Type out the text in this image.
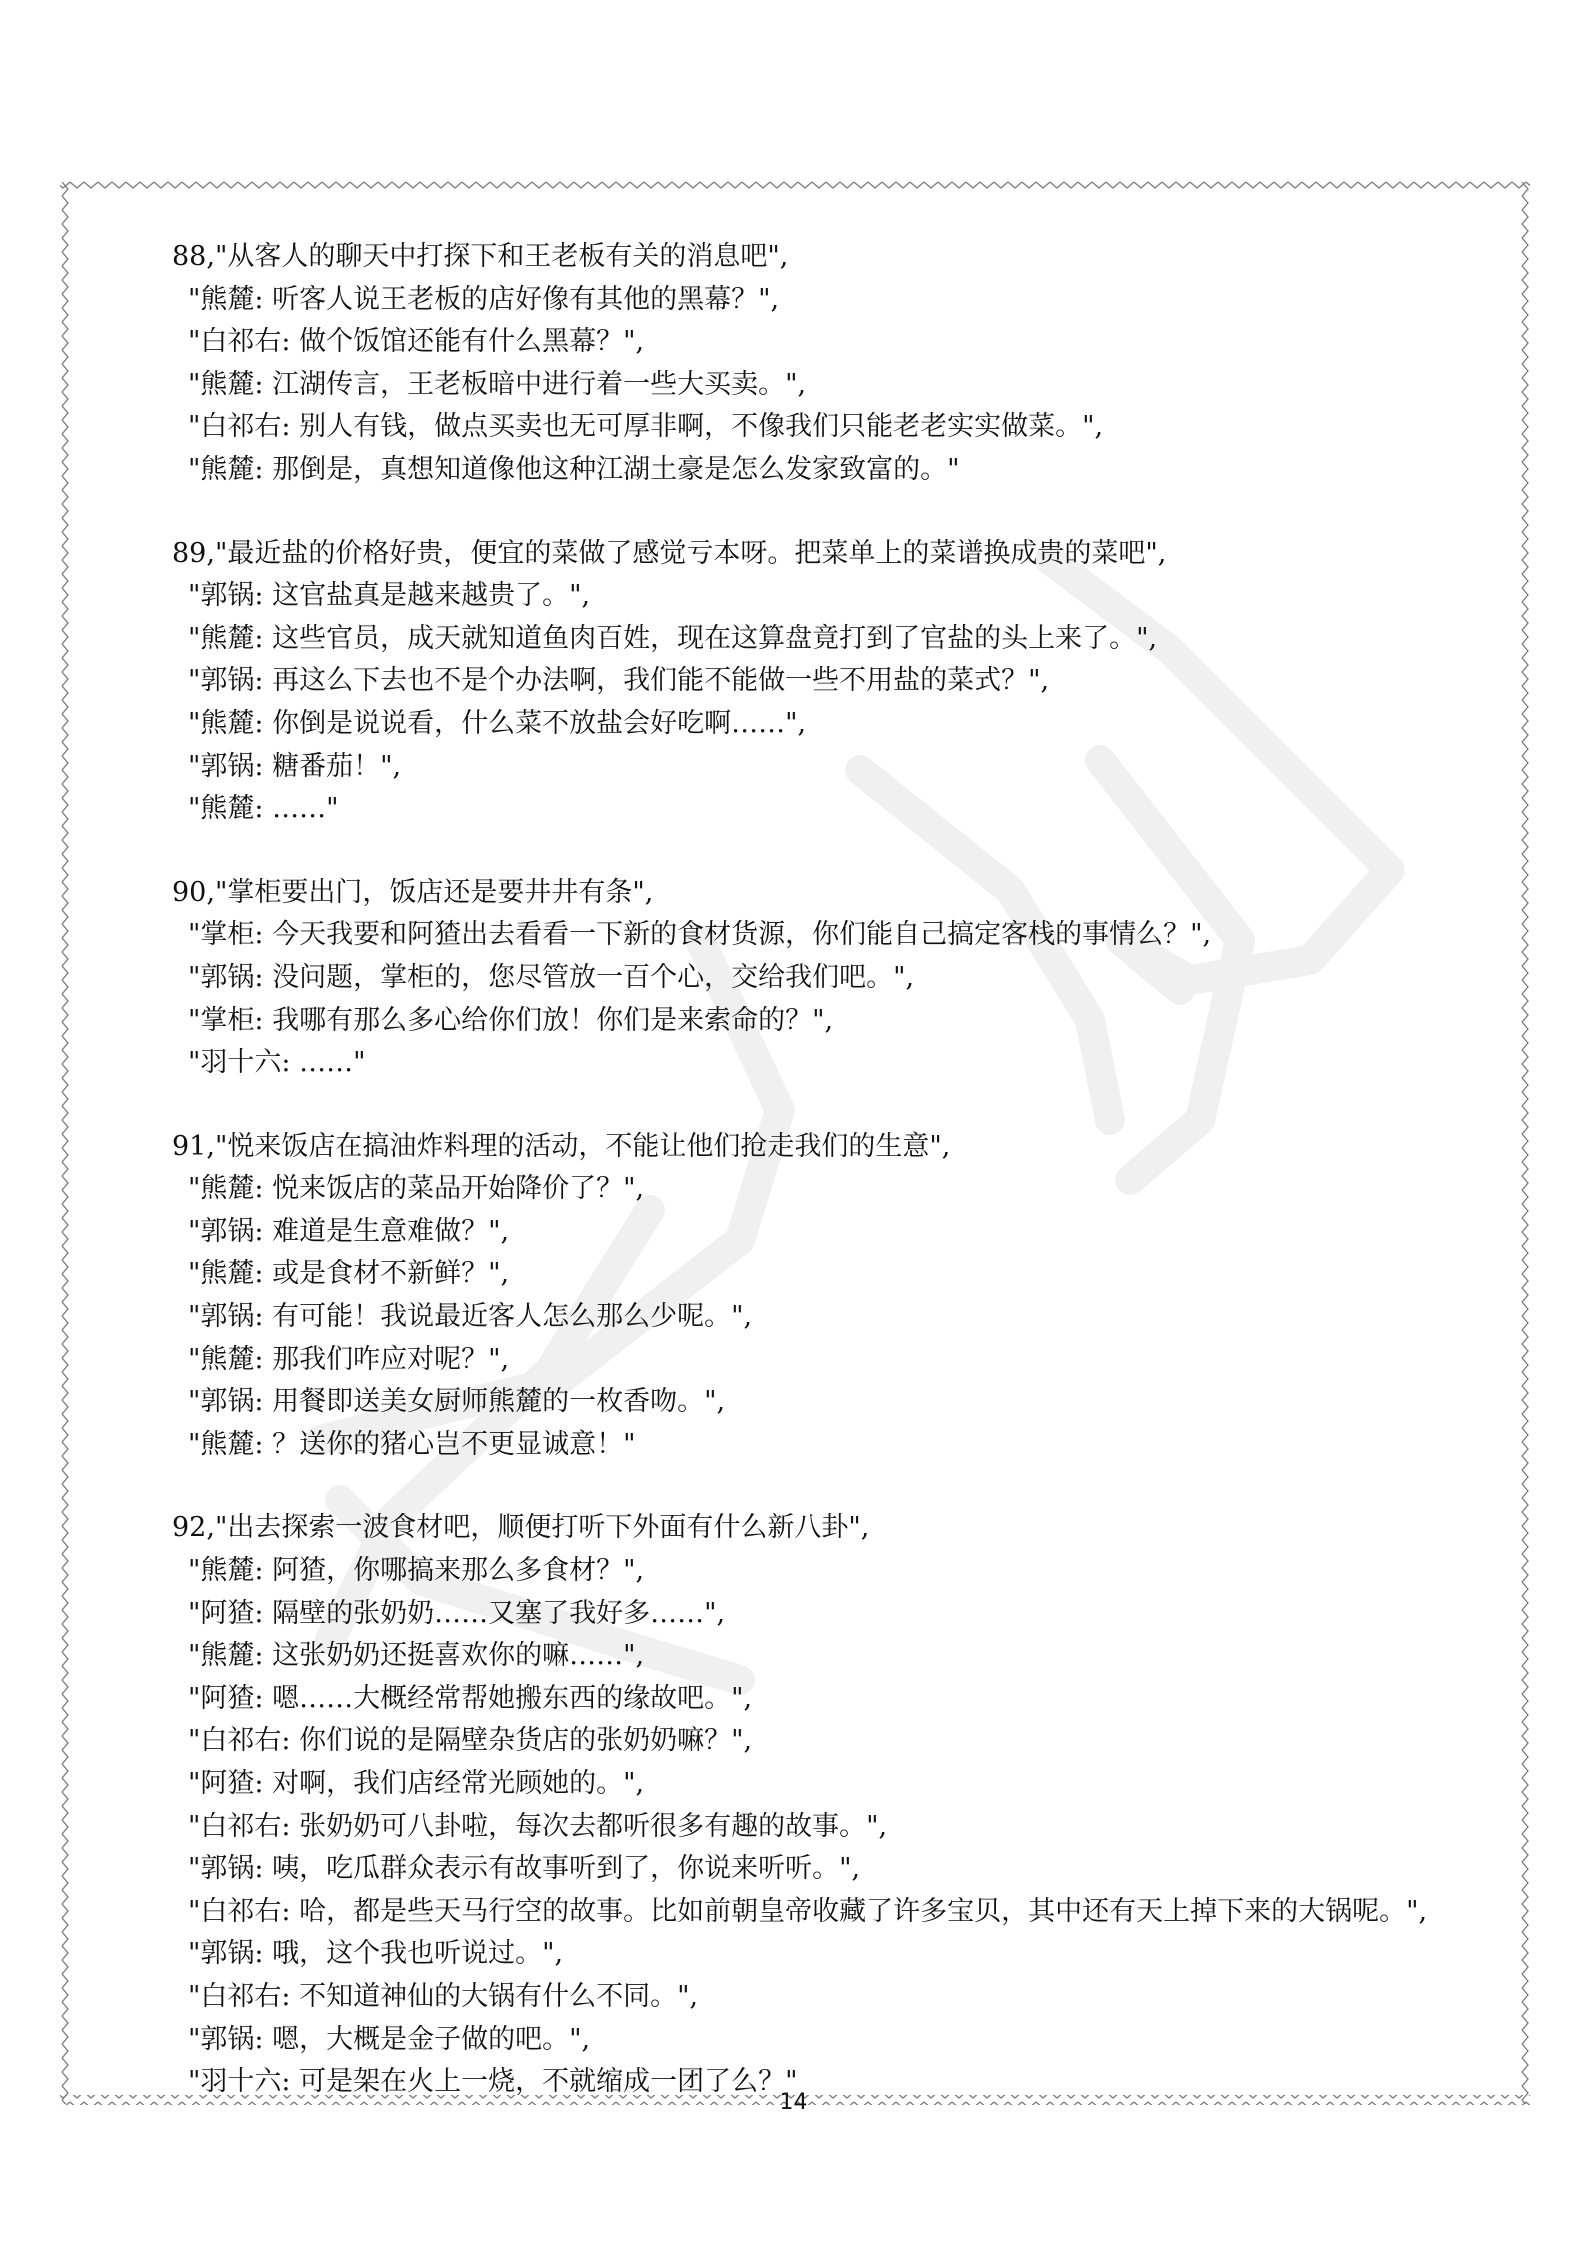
88,"从客人的聊天中打探下和王老板有关的消息吧",
"熊麓: 听客人说王老板的店好像有其他的黑幕？",
"白祁右: 做个饭馆还能有什么黑幕？",
"熊麓: 江湖传言，王老板暗中进行着一些大买卖。",
"白祁右: 别人有钱，做点买卖也无可厚非啊，不像我们只能老老实实做菜。",
"熊麓: 那倒是，真想知道像他这种江湖土豪是怎么发家致富的。"
89,"最近盐的价格好贵，便宜的菜做了感觉亏本呀。把菜单上的菜谱换成贵的菜吧",
"郭锅: 这官盐真是越来越贵了。",
"熊麓: 这些官员，成天就知道鱼肉百姓，现在这算盘竟打到了官盐的头上来了。",
"郭锅: 再这么下去也不是个办法啊，我们能不能做一些不用盐的菜式？",
"熊麓: 你倒是说说看，什么菜不放盐会好吃啊……",
"郭锅: 糖番茄！",
"熊麓: ……"
90,"掌柜要出门，饭店还是要井井有条",
"掌柜: 今天我要和阿猹出去看看一下新的食材货源，你们能自己搞定客栈的事情么？",
"郭锅: 没问题，掌柜的，您尽管放一百个心，交给我们吧。",
"掌柜: 我哪有那么多心给你们放！你们是来索命的？",
"羽十六: ……"
91,"悦来饭店在搞油炸料理的活动，不能让他们抢走我们的生意",
"熊麓: 悦来饭店的菜品开始降价了？",
"郭锅: 难道是生意难做？",
"熊麓: 或是食材不新鲜？",
"郭锅: 有可能！我说最近客人怎么那么少呢。",
"熊麓: 那我们咋应对呢？",
"郭锅: 用餐即送美女厨师熊麓的一枚香吻。",
"熊麓: ？送你的猪心岂不更显诚意！"
92,"出去探索一波食材吧，顺便打听下外面有什么新八卦",
"熊麓: 阿猹，你哪搞来那么多食材？",
"阿猹: 隔壁的张奶奶……又塞了我好多……",
"熊麓: 这张奶奶还挺喜欢你的嘛……",
"阿猹: 嗯……大概经常帮她搬东西的缘故吧。",
"白祁右: 你们说的是隔壁杂货店的张奶奶嘛？",
"阿猹: 对啊，我们店经常光顾她的。",
"白祁右: 张奶奶可八卦啦，每次去都听很多有趣的故事。",
"郭锅: 咦，吃瓜群众表示有故事听到了，你说来听听。",
"白祁右: 哈，都是些天马行空的故事。比如前朝皇帝收藏了许多宝贝，其中还有天上掉下来的大锅呢。",
"郭锅: 哦，这个我也听说过。",
"白祁右: 不知道神仙的大锅有什么不同。",
"郭锅: 嗯，大概是金子做的吧。",
"羽十六: 可是架在火上一烧，不就缩成一团了么？"
14
